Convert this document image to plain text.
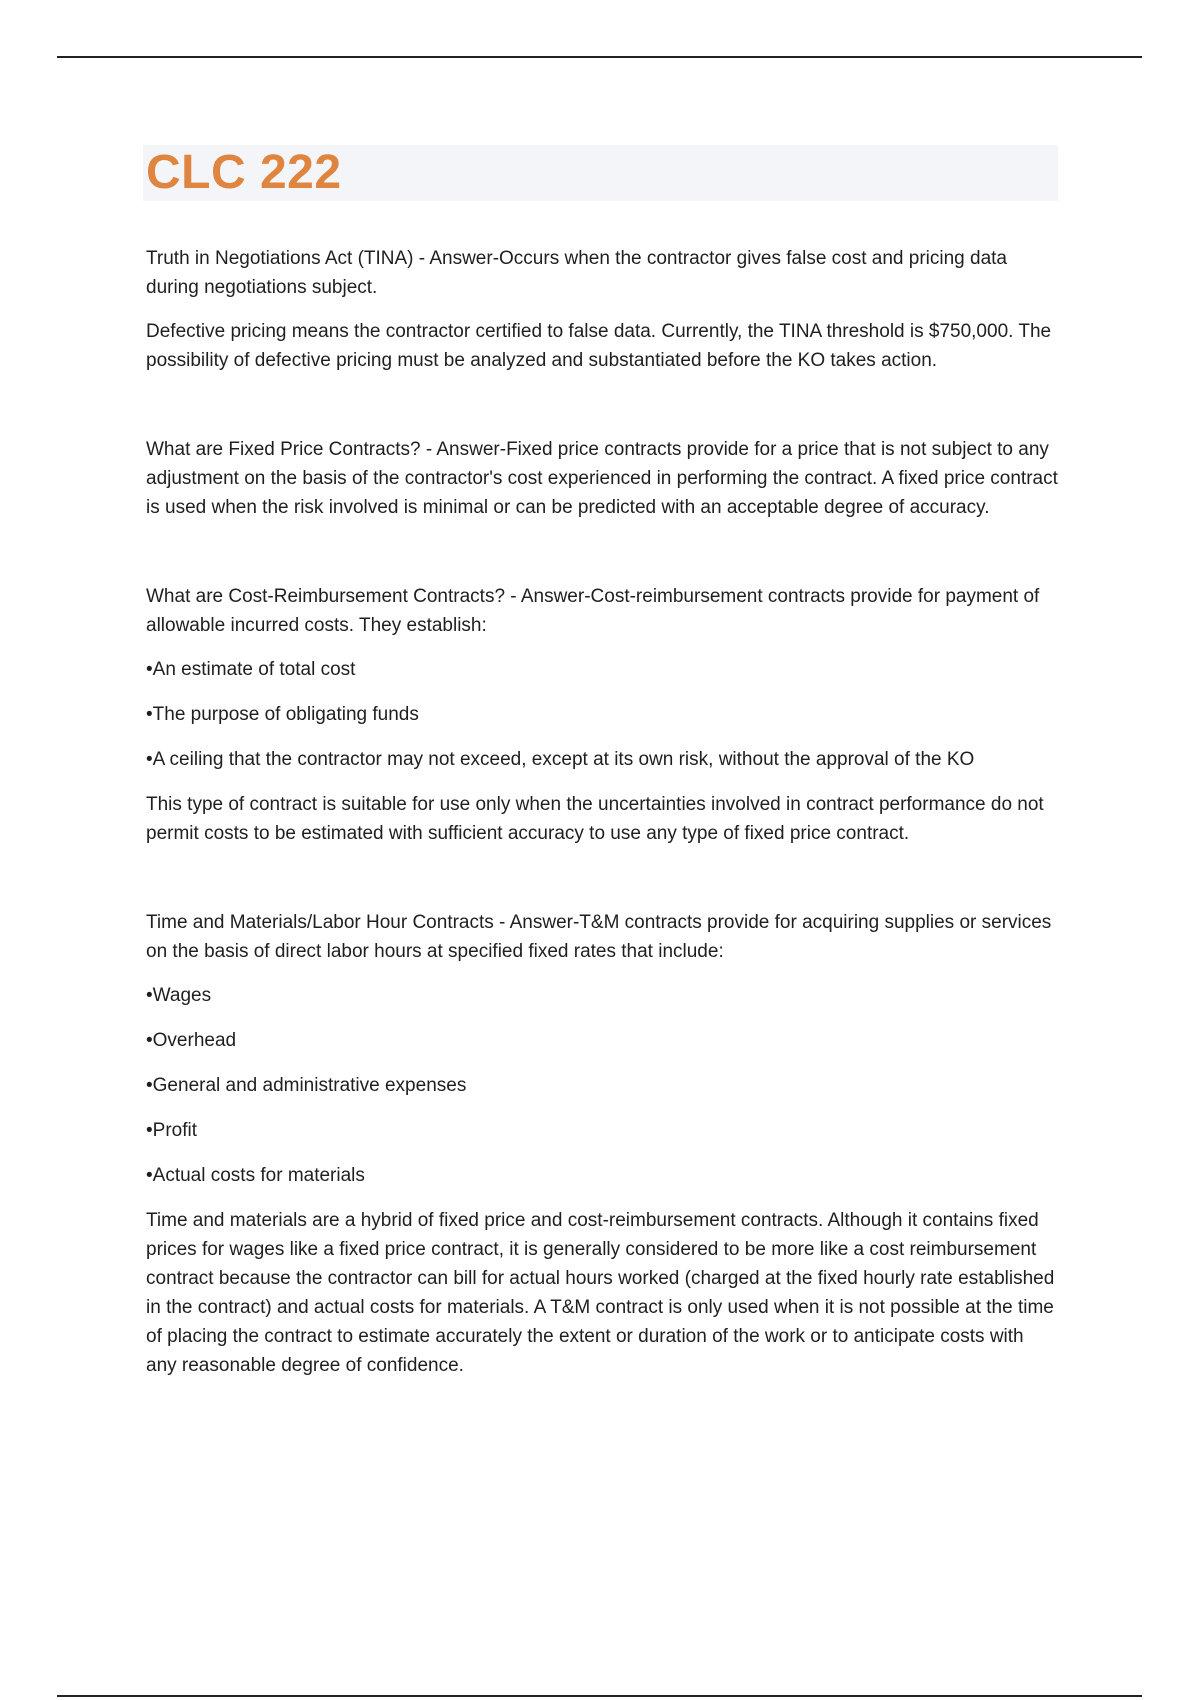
CLC 222

Truth in Negotiations Act (TINA) - Answer-Occurs when the contractor gives false cost and pricing data during negotiations subject.

Defective pricing means the contractor certified to false data. Currently, the TINA threshold is $750,000. The possibility of defective pricing must be analyzed and substantiated before the KO takes action.

What are Fixed Price Contracts? - Answer-Fixed price contracts provide for a price that is not subject to any adjustment on the basis of the contractor's cost experienced in performing the contract. A fixed price contract is used when the risk involved is minimal or can be predicted with an acceptable degree of accuracy.

What are Cost-Reimbursement Contracts? - Answer-Cost-reimbursement contracts provide for payment of allowable incurred costs. They establish:

•An estimate of total cost

•The purpose of obligating funds

•A ceiling that the contractor may not exceed, except at its own risk, without the approval of the KO

This type of contract is suitable for use only when the uncertainties involved in contract performance do not permit costs to be estimated with sufficient accuracy to use any type of fixed price contract.

Time and Materials/Labor Hour Contracts - Answer-T&M contracts provide for acquiring supplies or services on the basis of direct labor hours at specified fixed rates that include:

•Wages

•Overhead

•General and administrative expenses

•Profit

•Actual costs for materials

Time and materials are a hybrid of fixed price and cost-reimbursement contracts. Although it contains fixed prices for wages like a fixed price contract, it is generally considered to be more like a cost reimbursement contract because the contractor can bill for actual hours worked (charged at the fixed hourly rate established in the contract) and actual costs for materials. A T&M contract is only used when it is not possible at the time of placing the contract to estimate accurately the extent or duration of the work or to anticipate costs with any reasonable degree of confidence.
